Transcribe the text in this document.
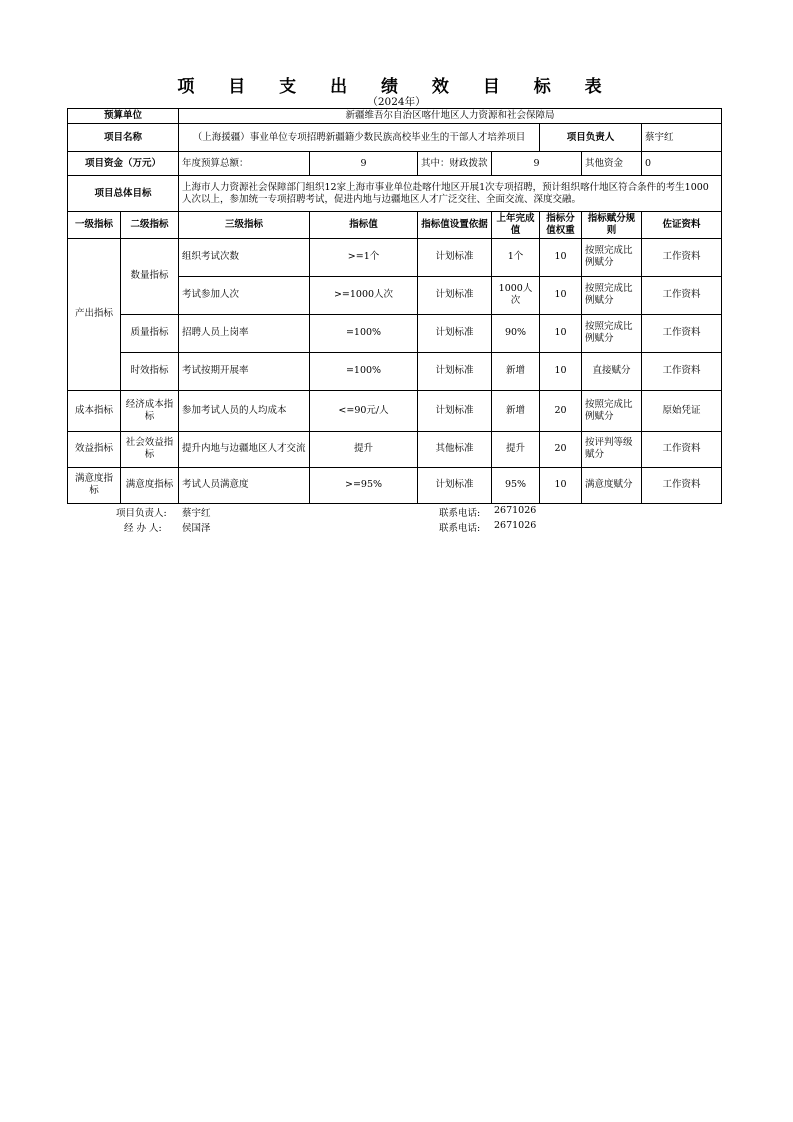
项 目 支 出 绩 效 目 标 表
（2024年）
预算单位		新疆维吾尔自治区喀什地区人力资源和社会保障局						
项目名称		（上海援疆）事业单位专项招聘新疆籍少数民族高校毕业生的干部人才培养项目				项目负责人		蔡宇红
项目资金（万元）		年度预算总额：	9	其中：财政拨款	9		其他资金	0
项目总体目标		上海市人力资源社会保障部门组织12家上海市事业单位赴喀什地区开展1次专项招聘，预计组织喀什地区符合条件的考生1000人次以上，参加统一专项招聘考试，促进内地与边疆地区人才广泛交往、全面交流、深度交融。						
一级指标	二级指标	三级指标	指标值	指标值设置依据	上年完成值	指标分值权重	指标赋分规则	佐证资料
产出指标	数量指标	组织考试次数	>=1个	计划标准	1个	10	按照完成比例赋分	工作资料
		考试参加人次	>=1000人次	计划标准	1000人次	10	按照完成比例赋分	工作资料
	质量指标	招聘人员上岗率	=100%	计划标准	90%	10	按照完成比例赋分	工作资料
	时效指标	考试按期开展率	=100%	计划标准	新增	10	直接赋分	工作资料
成本指标	经济成本指标	参加考试人员的人均成本	<=90元/人	计划标准	新增	20	按照完成比例赋分	原始凭证
效益指标	社会效益指标	提升内地与边疆地区人才交流	提升	其他标准	提升	20	按评判等级赋分	工作资料
满意度指标	满意度指标	考试人员满意度	>=95%	计划标准	95%	10	满意度赋分	工作资料
项目负责人: 蔡宇红	联系电话: 2671026
经 办 人: 侯国泽	联系电话: 2671026
